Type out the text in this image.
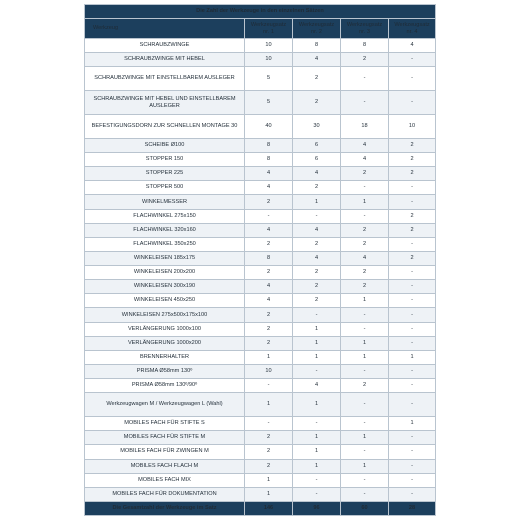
Die Zahl der Werkzeuge in den einzelnen Sätzen				
Werkzeug	Werkzeugsatz nr. 1	Werkzeugsatz nr. 2	Werkzeugsatz nr. 3	Werkzeugsatz nr. 4
SCHRAUBZWINGE	10	8	8	4
SCHRAUBZWINGE MIT HEBEL	10	4	2	-
SCHRAUBZWINGE MIT EINSTELLBAREM AUSLEGER	5	2	-	-
SCHRAUBZWINGE MIT HEBEL UND EINSTELLBAREM AUSLEGER	5	2	-	-
BEFESTIGUNGSDORN ZUR SCHNELLEN MONTAGE 30	40	30	18	10
SCHEIBE Ø100	8	6	4	2
STOPPER 150	8	6	4	2
STOPPER 225	4	4	2	2
STOPPER 500	4	2	-	-
WINKELMESSER	2	1	1	-
FLACHWINKEL 275x150	-	-	-	2
FLACHWINKEL 320x160	4	4	2	2
FLACHWINKEL 350x250	2	2	2	-
WINKELEISEN 185x175	8	4	4	2
WINKELEISEN 200x200	2	2	2	-
WINKELEISEN 300x190	4	2	2	-
WINKELEISEN 450x250	4	2	1	-
WINKELEISEN 275x500x175x100	2	-	-	-
VERLÄNGERUNG 1000x100	2	1	-	-
VERLÄNGERUNG 1000x200	2	1	1	-
BRENNERHALTER	1	1	1	1
PRISMA Ø58mm 130º	10	-	-	-
PRISMA Ø58mm 130º/90º	-	4	2	-
Werkzeugwagen M / Werkzeugwagen L (Wahl)	1	1	-	-
MOBILES FACH FÜR STIFTE S	-	-	-	1
MOBILES FACH FÜR STIFTE M	2	1	1	-
MOBILES FACH FÜR ZWINGEN M	2	1	-	-
MOBILES FACH FLACH M	2	1	1	-
MOBILES FACH MIX	1	-	-	-
MOBILES FACH FÜR DOKUMENTATION	1	-	-	-
Die Gesamtzahl der Werkzeuge im Satz	146	96	60	28
